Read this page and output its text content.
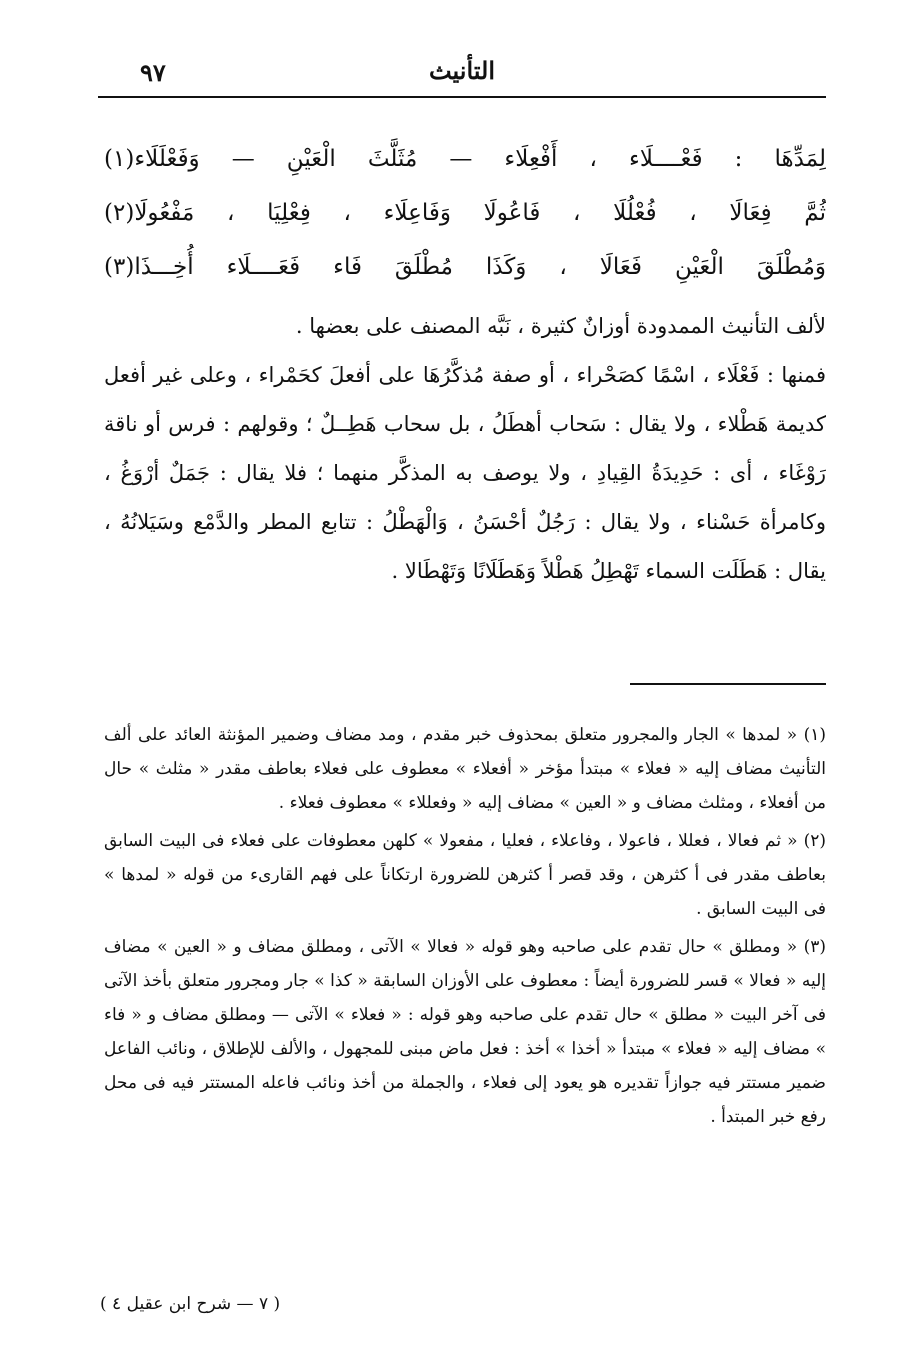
٩٧	التأنيث
لِمَدِّهَا : فَعْــــلَاء ، أَفْعِلَاء — مُثَلَّثَ الْعَيْنِ — وَفَعْلَلَاء(١)
ثُمَّ فِعَالَا ، فُعْلُلَا ، فَاعُولَا وَفَاعِلَاء ، فِعْلِيَا ، مَفْعُولَا(٢)
وَمُطْلَقَ الْعَيْنِ فَعَالَا ، وَكَذَا مُطْلَقَ فَاء فَعَــــلَاء أُخِـــذَا(٣)

لألف التأنيث الممدودة أوزانٌ كثيرة ، نَبَّه المصنف على بعضها .

فمنها : فَعْلَاء ، اسْمًا كصَحْراء ، أو صفة مُذكَّرُهَا على أفعلَ كحَمْراء ، وعلى غير أفعل كديمة هَطْلاء ، ولا يقال : سَحاب أهطَلُ ، بل سحاب هَطِــلٌ ؛ وقولهم : فرس أو ناقة رَوْغَاء ، أى : حَدِيدَةُ القِيادِ ، ولا يوصف به المذكَّر منهما ؛ فلا يقال : جَمَلٌ أرْوَغُ ، وكامرأة حَسْناء ، ولا يقال : رَجُلٌ أحْسَنُ ، وَالْهَطْلُ : تتابع المطر والدَّمْع وسَيَلانُهُ ، يقال : هَطَلَت السماء تَهْطِلُ هَطْلاً وَهَطَلَانًا وَتَهْطَالا .

(١) « لمدها » الجار والمجرور متعلق بمحذوف خبر مقدم ، ومد مضاف وضمير المؤنثة العائد على ألف التأنيث مضاف إليه « فعلاء » مبتدأ مؤخر « أفعلاء » معطوف على فعلاء بعاطف مقدر « مثلث » حال من أفعلاء ، ومثلث مضاف و « العين » مضاف إليه « وفعللاء » معطوف فعلاء .

(٢) « ثم فعالا ، فعللا ، فاعولا ، وفاعلاء ، فعليا ، مفعولا » كلهن معطوفات على فعلاء فى البيت السابق بعاطف مقدر فى أ كثرهن ، وقد قصر أ كثرهن للضرورة ارتكاناً على فهم القارىء من قوله « لمدها » فى البيت السابق .

(٣) « ومطلق » حال تقدم على صاحبه وهو قوله « فعالا » الآتى ، ومطلق مضاف و « العين » مضاف إليه « فعالا » قسر للضرورة أيضاً : معطوف على الأوزان السابقة « كذا » جار ومجرور متعلق بأخذ الآتى فى آخر البيت « مطلق » حال تقدم على صاحبه وهو قوله : « فعلاء » الآتى — ومطلق مضاف و « فاء » مضاف إليه « فعلاء » مبتدأ « أخذا » أخذ : فعل ماض مبنى للمجهول ، والألف للإطلاق ، ونائب الفاعل ضمير مستتر فيه جوازاً تقديره هو يعود إلى فعلاء ، والجملة من أخذ ونائب فاعله المستتر فيه فى محل رفع خبر المبتدأ .

( ٧ — شرح ابن عقيل ٤ )
